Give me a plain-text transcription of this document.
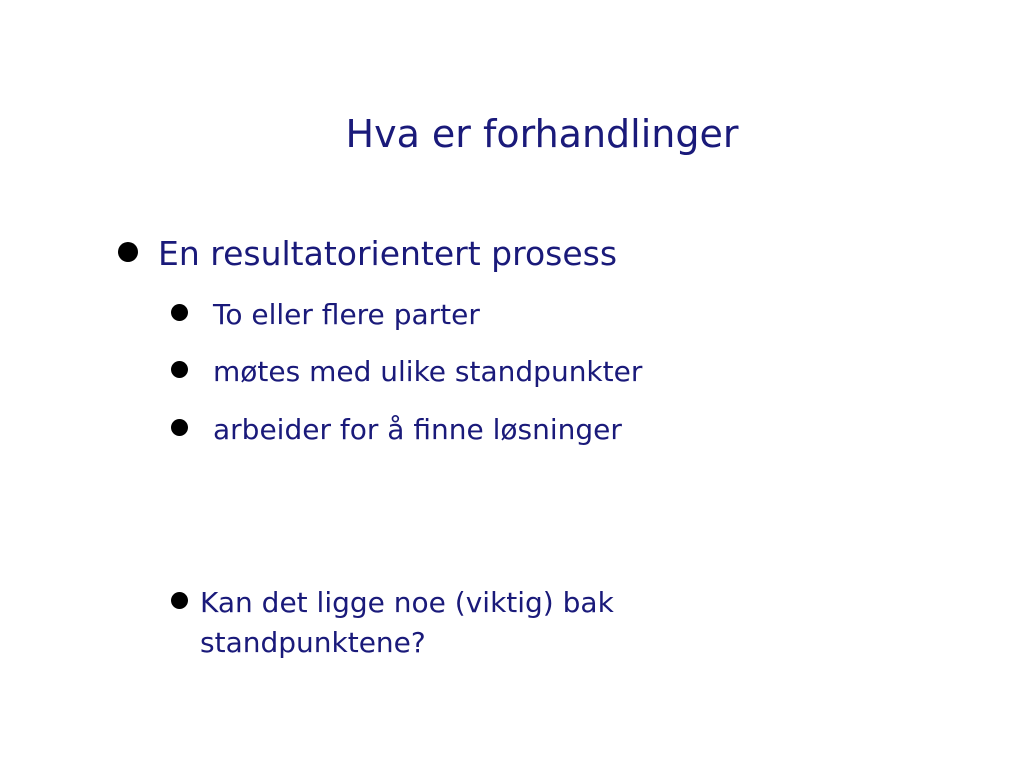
Hva er forhandlinger
En resultatorientert prosess
To eller flere parter
møtes med ulike standpunkter
arbeider for å finne løsninger
Kan det ligge noe (viktig) bak standpunktene?
